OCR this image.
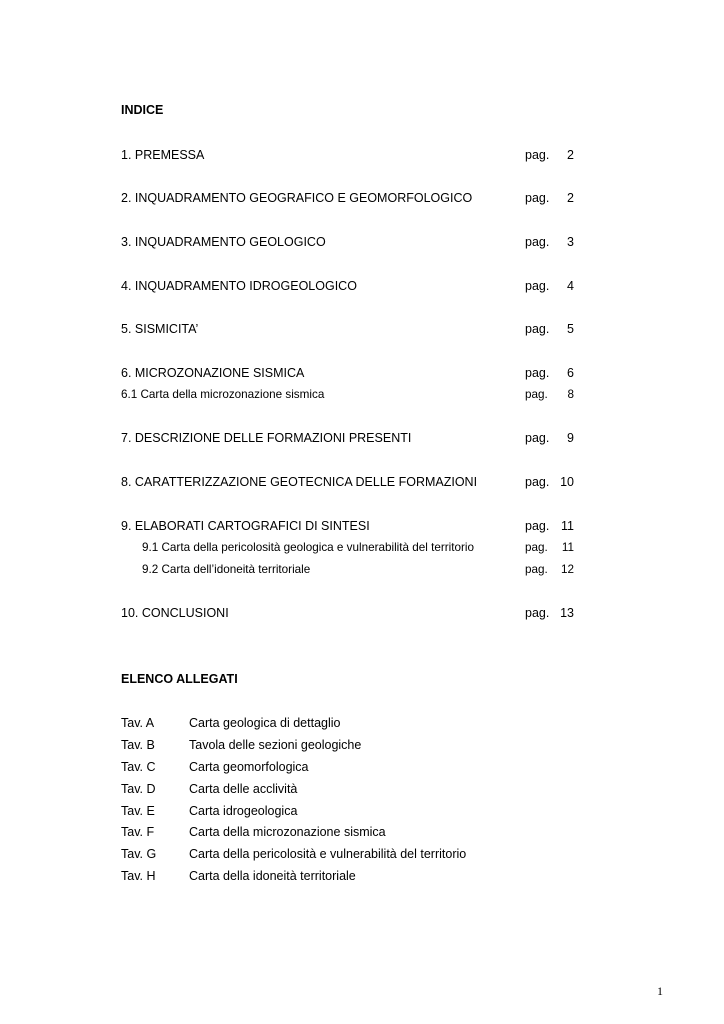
INDICE
1. PREMESSA	pag.	2
2. INQUADRAMENTO GEOGRAFICO E GEOMORFOLOGICO	pag.	2
3. INQUADRAMENTO GEOLOGICO	pag.	3
4. INQUADRAMENTO IDROGEOLOGICO	pag.	4
5. SISMICITA’	pag.	5
6. MICROZONAZIONE SISMICA	pag.	6
6.1 Carta della microzonazione sismica	pag.	8
7. DESCRIZIONE DELLE FORMAZIONI PRESENTI	pag.	9
8. CARATTERIZZAZIONE GEOTECNICA DELLE FORMAZIONI	pag. 10
9. ELABORATI CARTOGRAFICI DI SINTESI	pag. 11
9.1 Carta della pericolosità geologica e vulnerabilità del territorio	pag.	11
9.2 Carta dell’idoneità territoriale	pag.	12
10. CONCLUSIONI	pag. 13
ELENCO ALLEGATI
Tav. A	Carta geologica di dettaglio
Tav. B	Tavola delle sezioni geologiche
Tav. C	Carta geomorfologica
Tav. D	Carta delle acclività
Tav. E	Carta idrogeologica
Tav. F	Carta della microzonazione sismica
Tav. G	Carta della pericolosità e vulnerabilità del territorio
Tav. H	Carta della idoneità territoriale
1
